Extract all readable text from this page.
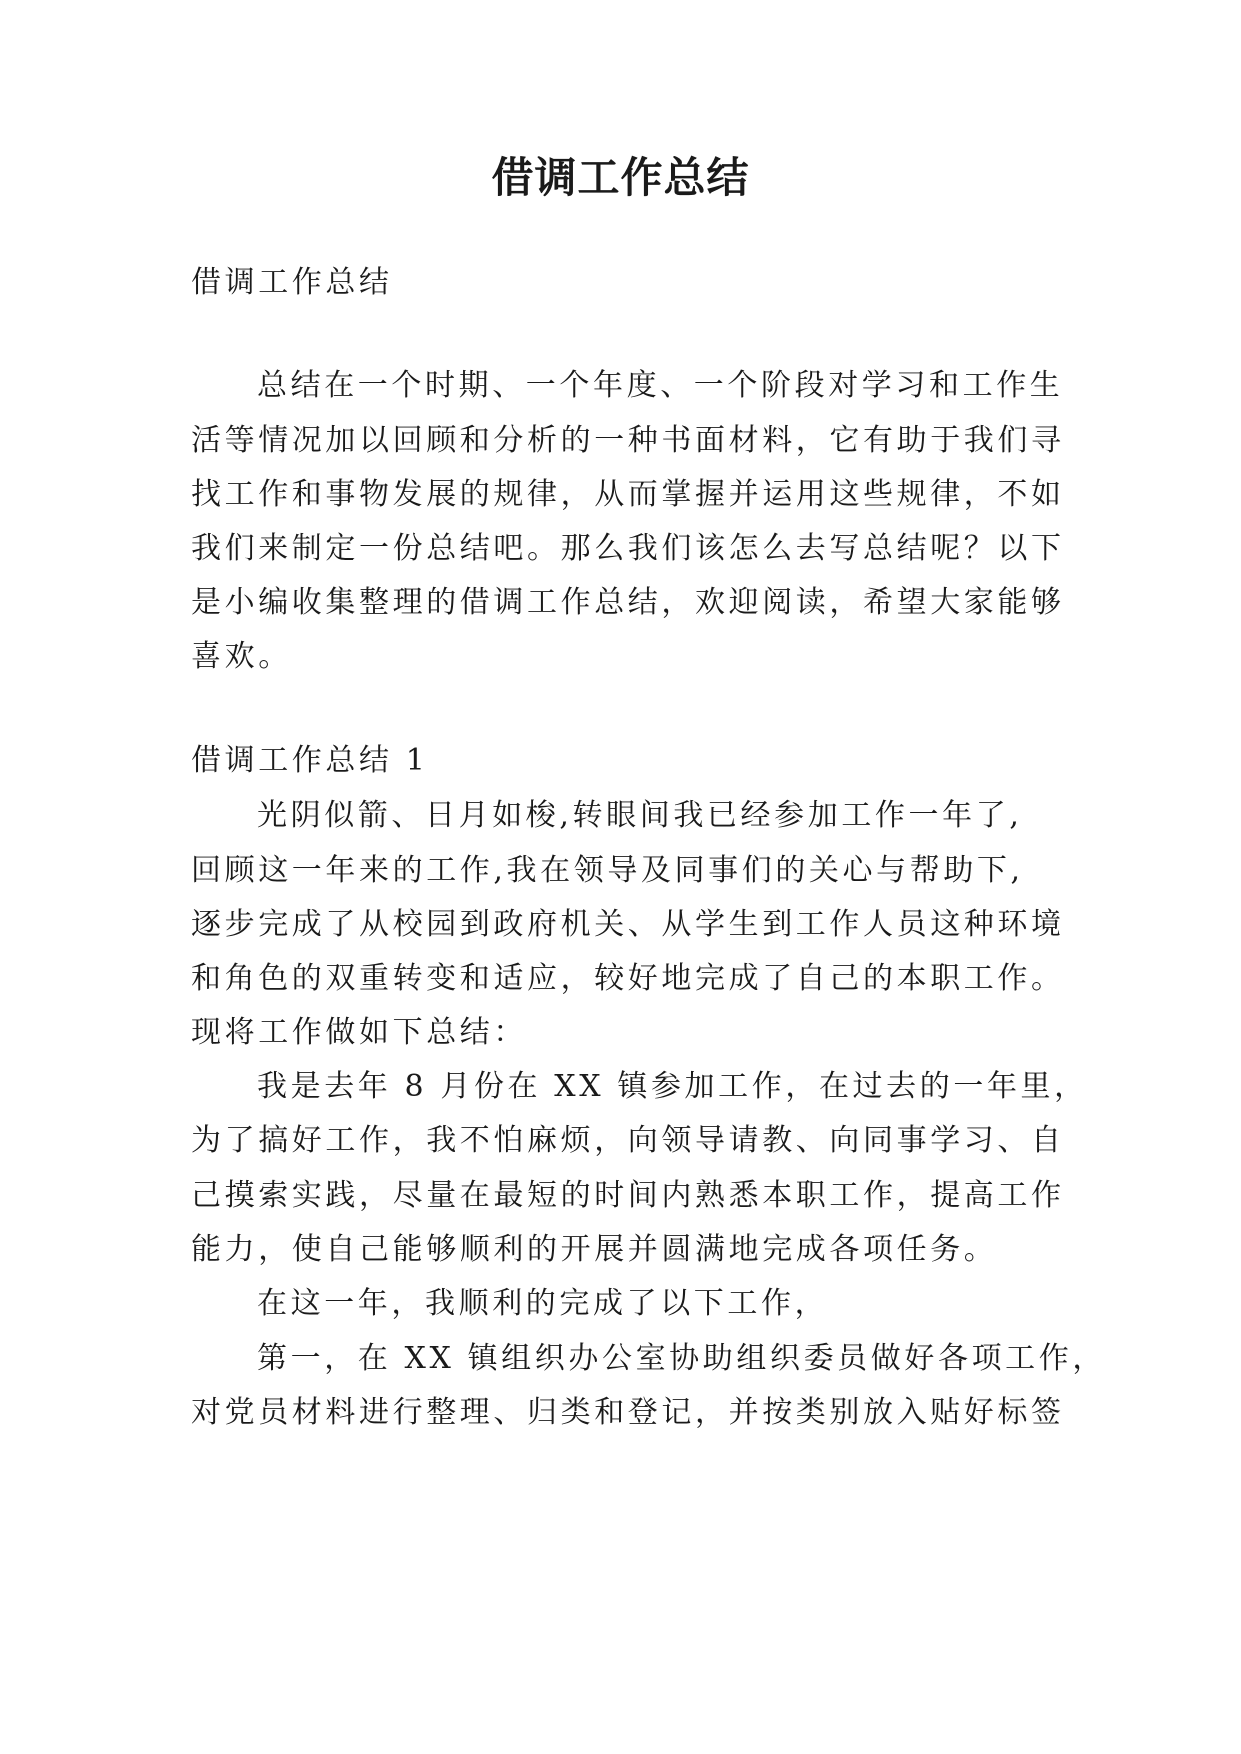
借调工作总结

借调工作总结

总结在一个时期、一个年度、一个阶段对学习和工作生

活等情况加以回顾和分析的一种书面材料，它有助于我们寻

找工作和事物发展的规律，从而掌握并运用这些规律，不如

我们来制定一份总结吧。那么我们该怎么去写总结呢？以下

是小编收集整理的借调工作总结，欢迎阅读，希望大家能够

喜欢。

借调工作总结 1

光阴似箭、日月如梭,转眼间我已经参加工作一年了,

回顾这一年来的工作,我在领导及同事们的关心与帮助下,

逐步完成了从校园到政府机关、从学生到工作人员这种环境

和角色的双重转变和适应，较好地完成了自己的本职工作。

现将工作做如下总结：

我是去年 8 月份在 XX 镇参加工作，在过去的一年里，

为了搞好工作，我不怕麻烦，向领导请教、向同事学习、自

己摸索实践，尽量在最短的时间内熟悉本职工作，提高工作

能力，使自己能够顺利的开展并圆满地完成各项任务。

在这一年，我顺利的完成了以下工作，

第一，在 XX 镇组织办公室协助组织委员做好各项工作，

对党员材料进行整理、归类和登记，并按类别放入贴好标签
